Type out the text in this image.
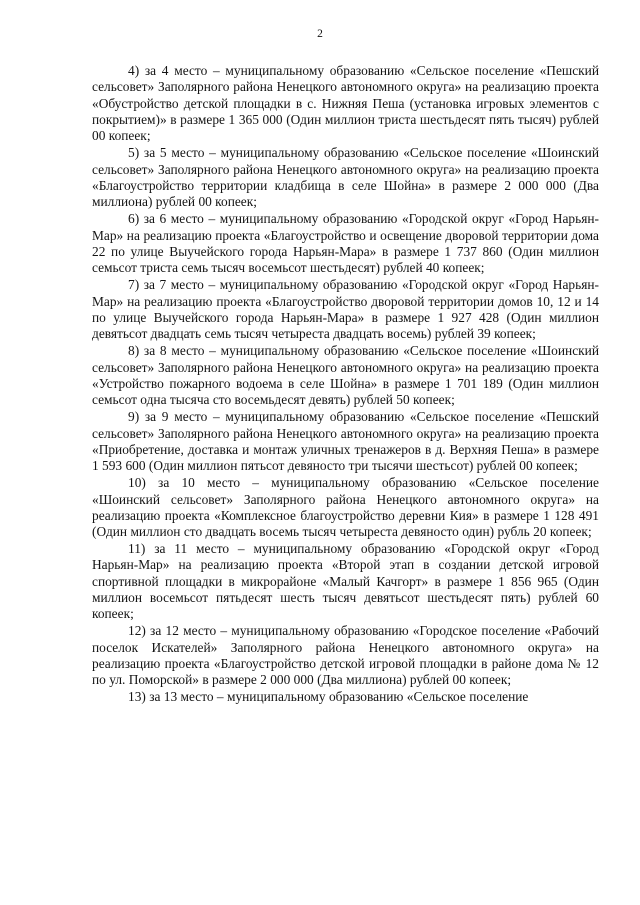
2

4) за 4 место – муниципальному образованию «Сельское поселение «Пешский сельсовет» Заполярного района Ненецкого автономного округа» на реализацию проекта «Обустройство детской площадки в с. Нижняя Пеша (установка игровых элементов с покрытием)» в размере 1 365 000 (Один миллион триста шестьдесят пять тысяч) рублей 00 копеек;

5) за 5 место – муниципальному образованию «Сельское поселение «Шоинский сельсовет» Заполярного района Ненецкого автономного округа» на реализацию проекта «Благоустройство территории кладбища в селе Шойна» в размере 2 000 000 (Два миллиона) рублей 00 копеек;

6) за 6 место – муниципальному образованию «Городской округ «Город Нарьян-Мар» на реализацию проекта «Благоустройство и освещение дворовой территории дома 22 по улице Выучейского города Нарьян-Мара» в размере 1 737 860 (Один миллион семьсот триста семь тысяч восемьсот шестьдесят) рублей 40 копеек;

7) за 7 место – муниципальному образованию «Городской округ «Город Нарьян-Мар» на реализацию проекта «Благоустройство дворовой территории домов 10, 12 и 14 по улице Выучейского города Нарьян-Мара» в размере 1 927 428 (Один миллион девятьсот двадцать семь тысяч четыреста двадцать восемь) рублей 39 копеек;

8) за 8 место – муниципальному образованию «Сельское поселение «Шоинский сельсовет» Заполярного района Ненецкого автономного округа» на реализацию проекта «Устройство пожарного водоема в селе Шойна» в размере 1 701 189 (Один миллион семьсот одна тысяча сто восемьдесят девять) рублей 50 копеек;

9) за 9 место – муниципальному образованию «Сельское поселение «Пешский сельсовет» Заполярного района Ненецкого автономного округа» на реализацию проекта «Приобретение, доставка и монтаж уличных тренажеров в д. Верхняя Пеша» в размере 1 593 600 (Один миллион пятьсот девяносто три тысячи шестьсот) рублей 00 копеек;

10) за 10 место – муниципальному образованию «Сельское поселение «Шоинский сельсовет» Заполярного района Ненецкого автономного округа» на реализацию проекта «Комплексное благоустройство деревни Кия» в размере 1 128 491 (Один миллион сто двадцать восемь тысяч четыреста девяносто один) рубль 20 копеек;

11) за 11 место – муниципальному образованию «Городской округ «Город Нарьян-Мар» на реализацию проекта «Второй этап в создании детской игровой спортивной площадки в микрорайоне «Малый Качгорт» в размере 1 856 965 (Один миллион восемьсот пятьдесят шесть тысяч девятьсот шестьдесят пять) рублей 60 копеек;

12) за 12 место – муниципальному образованию «Городское поселение «Рабочий поселок Искателей» Заполярного района Ненецкого автономного округа» на реализацию проекта «Благоустройство детской игровой площадки в районе дома № 12 по ул. Поморской» в размере 2 000 000 (Два миллиона) рублей 00 копеек;

13) за 13 место – муниципальному образованию «Сельское поселение
